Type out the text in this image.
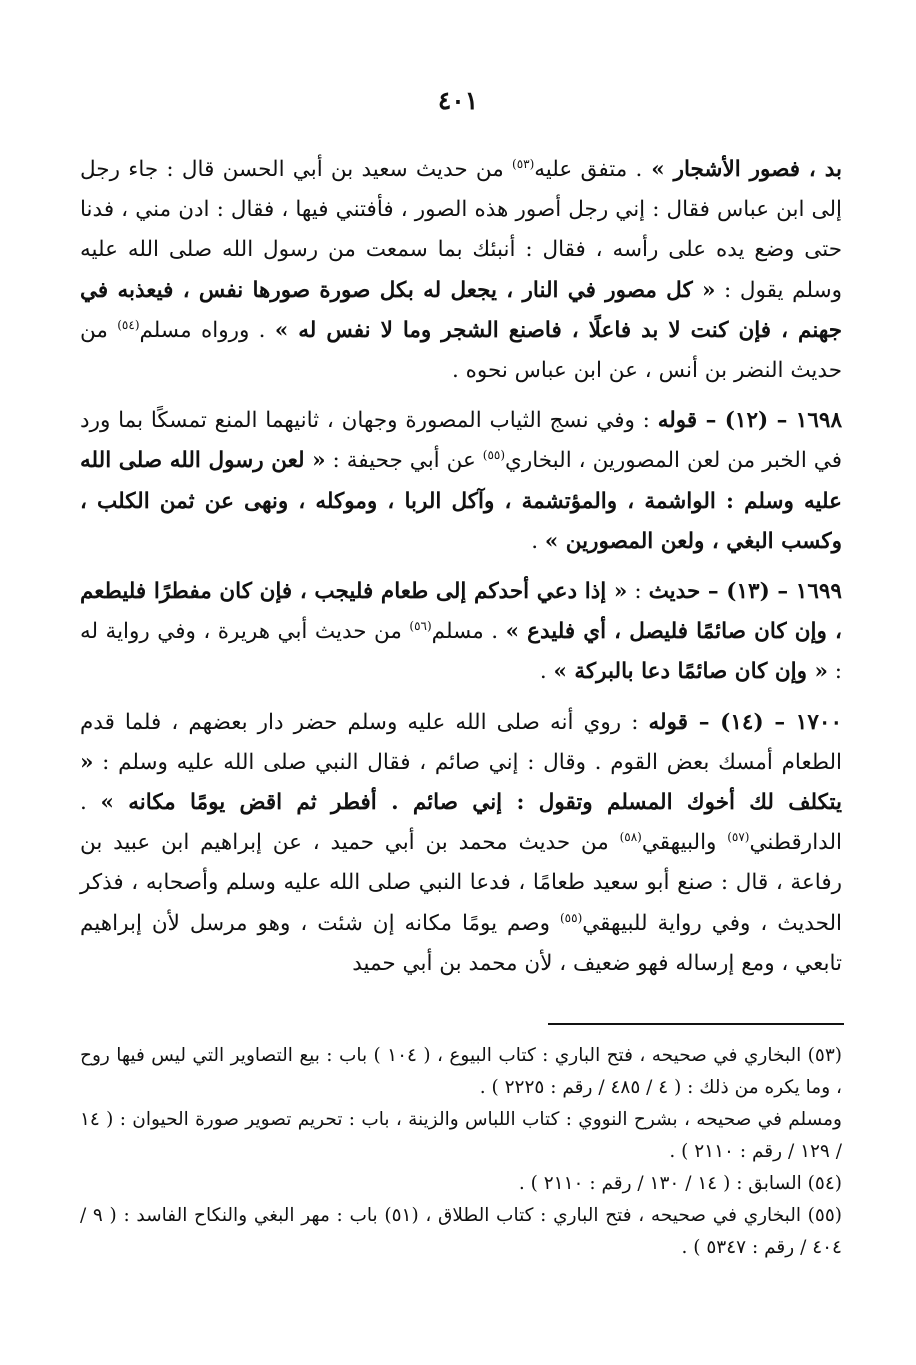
٤٠١

بد ، فصور الأشجار » . متفق عليه$^{(٥٣)}$ من حديث سعيد بن أبي الحسن قال : جاء رجل إلى ابن عباس فقال : إني رجل أصور هذه الصور ، فأفتني فيها ، فقال : ادن مني ، فدنا حتى وضع يده على رأسه ، فقال : أنبئك بما سمعت من رسول الله صلى الله عليه وسلم يقول : « كل مصور في النار ، يجعل له بكل صورة صورها نفس ، فيعذبه في جهنم ، فإن كنت لا بد فاعلًا ، فاصنع الشجر وما لا نفس له » . ورواه مسلم$^{(٥٤)}$ من حديث النضر بن أنس ، عن ابن عباس نحوه .

١٦٩٨ – (١٢) – قوله : وفي نسج الثياب المصورة وجهان ، ثانيهما المنع تمسكًا بما ورد في الخبر من لعن المصورين ، البخاري$^{(٥٥)}$ عن أبي جحيفة : « لعن رسول الله صلى الله عليه وسلم : الواشمة ، والمؤتشمة ، وآكل الربا ، وموكله ، ونهى عن ثمن الكلب ، وكسب البغي ، ولعن المصورين » .

١٦٩٩ – (١٣) – حديث : « إذا دعي أحدكم إلى طعام فليجب ، فإن كان مفطرًا فليطعم ، وإن كان صائمًا فليصل ، أي فليدع » . مسلم$^{(٥٦)}$ من حديث أبي هريرة ، وفي رواية له : « وإن كان صائمًا دعا بالبركة » .

١٧٠٠ – (١٤) – قوله : روي أنه صلى الله عليه وسلم حضر دار بعضهم ، فلما قدم الطعام أمسك بعض القوم . وقال : إني صائم ، فقال النبي صلى الله عليه وسلم : « يتكلف لك أخوك المسلم وتقول : إني صائم . أفطر ثم اقض يومًا مكانه » . الدارقطني$^{(٥٧)}$ والبيهقي$^{(٥٨)}$ من حديث محمد بن أبي حميد ، عن إبراهيم ابن عبيد بن رفاعة ، قال : صنع أبو سعيد طعامًا ، فدعا النبي صلى الله عليه وسلم وأصحابه ، فذكر الحديث ، وفي رواية للبيهقي$^{(٥٥)}$ وصم يومًا مكانه إن شئت ، وهو مرسل لأن إبراهيم تابعي ، ومع إرساله فهو ضعيف ، لأن محمد بن أبي حميد

(٥٣) البخاري في صحيحه ، فتح الباري : كتاب البيوع ، ( ١٠٤ ) باب : بيع التصاوير التي ليس فيها روح ، وما يكره من ذلك : ( ٤ / ٤٨٥ / رقم : ٢٢٢٥ ) .

ومسلم في صحيحه ، بشرح النووي : كتاب اللباس والزينة ، باب : تحريم تصوير صورة الحيوان : ( ١٤ / ١٢٩ / رقم : ٢١١٠ ) .

(٥٤) السابق : ( ١٤ / ١٣٠ / رقم : ٢١١٠ ) .

(٥٥) البخاري في صحيحه ، فتح الباري : كتاب الطلاق ، (٥١) باب : مهر البغي والنكاح الفاسد : ( ٩ / ٤٠٤ / رقم : ٥٣٤٧ ) .
